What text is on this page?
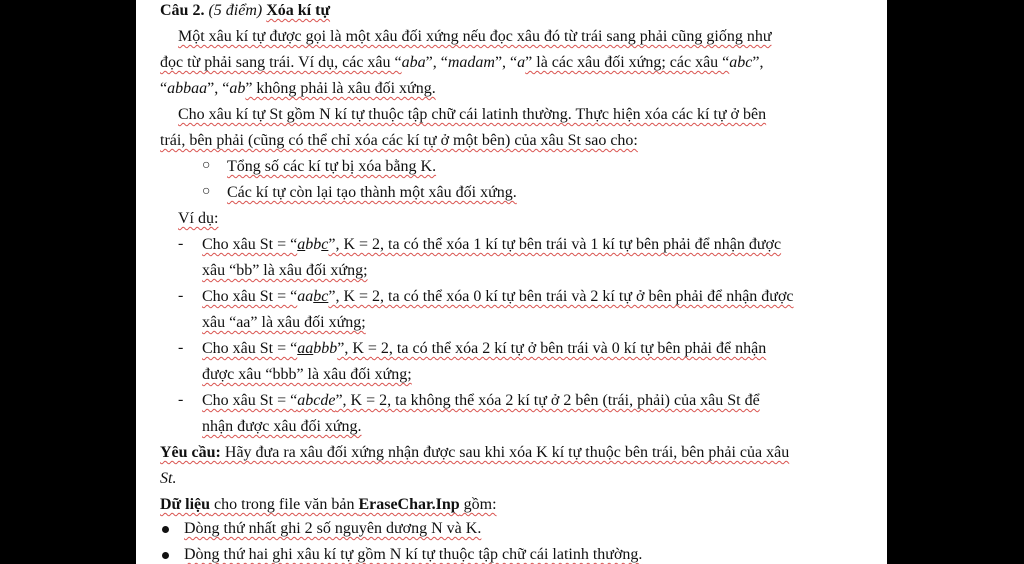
Câu 2. (5 điểm) Xóa kí tự
Một xâu kí tự được gọi là một xâu đối xứng nếu đọc xâu đó từ trái sang phải cũng giống như
đọc từ phải sang trái. Ví dụ, các xâu “aba”, “madam”, “a” là các xâu đối xứng; các xâu “abc”,
“abbaa”, “ab” không phải là xâu đối xứng.
Cho xâu kí tự St gồm N kí tự thuộc tập chữ cái latinh thường. Thực hiện xóa các kí tự ở bên
trái, bên phải (cũng có thể chỉ xóa các kí tự ở một bên) của xâu St sao cho:
○ Tổng số các kí tự bị xóa bằng K.
○ Các kí tự còn lại tạo thành một xâu đối xứng.
Ví dụ:
- Cho xâu St = “abbc”, K = 2, ta có thể xóa 1 kí tự bên trái và 1 kí tự bên phải để nhận được
xâu “bb” là xâu đối xứng;
- Cho xâu St = “aabc”, K = 2, ta có thể xóa 0 kí tự bên trái và 2 kí tự ở bên phải để nhận được
xâu “aa” là xâu đối xứng;
- Cho xâu St = “aabbb”, K = 2, ta có thể xóa 2 kí tự ở bên trái và 0 kí tự bên phải để nhận
được xâu “bbb” là xâu đối xứng;
- Cho xâu St = “abcde”, K = 2, ta không thể xóa 2 kí tự ở 2 bên (trái, phải) của xâu St để
nhận được xâu đối xứng.
Yêu cầu: Hãy đưa ra xâu đối xứng nhận được sau khi xóa K kí tự thuộc bên trái, bên phải của xâu
St.
Dữ liệu cho trong file văn bản EraseChar.Inp gồm:
Dòng thứ nhất ghi 2 số nguyên dương N và K.
Dòng thứ hai ghi xâu kí tự gồm N kí tự thuộc tập chữ cái latinh thường.
